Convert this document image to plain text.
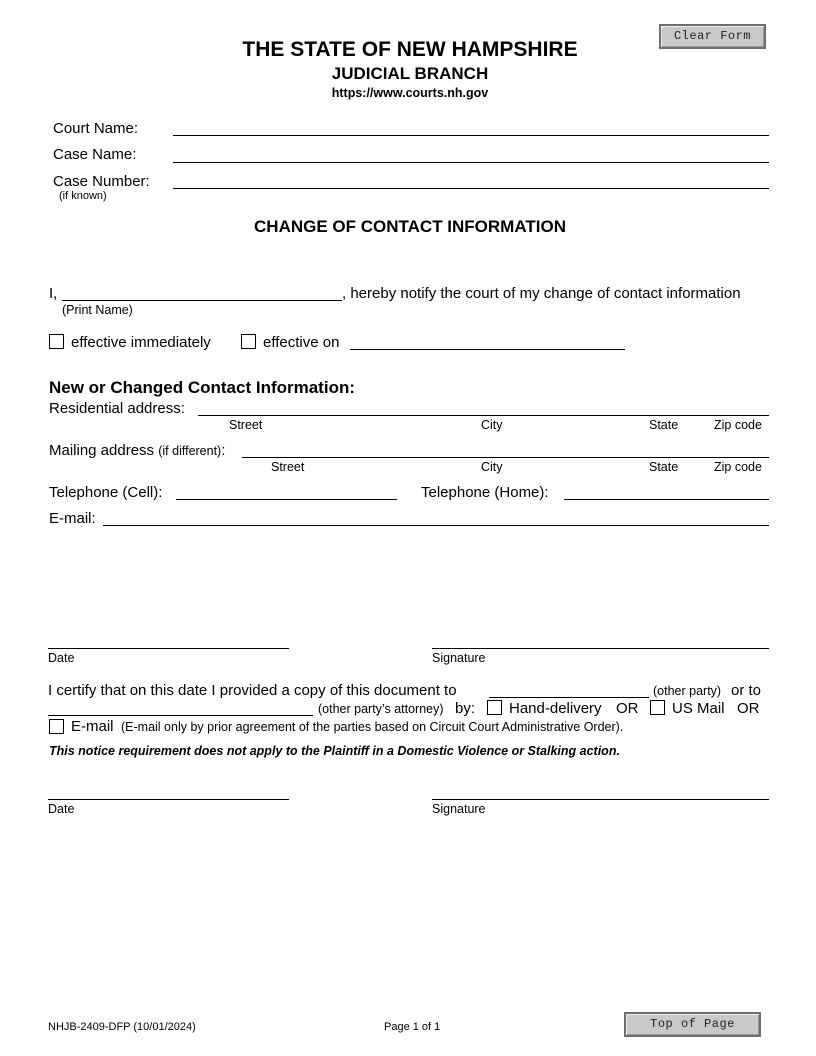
Clear Form
THE STATE OF NEW HAMPSHIRE
JUDICIAL BRANCH
https://www.courts.nh.gov
Court Name:
Case Name:
Case Number:
(if known)
CHANGE OF CONTACT INFORMATION
I,	, hereby notify the court of my change of contact information
(Print Name)
effective immediately	effective on
New or Changed Contact Information:
Residential address:
Street	City	State	Zip code
Mailing address (if different):
Street	City	State	Zip code
Telephone (Cell):	Telephone (Home):
E-mail:
Date	Signature
I certify that on this date I provided a copy of this document to	(other party) or to
(other party’s attorney) by: Hand-delivery OR US Mail OR
E-mail (E-mail only by prior agreement of the parties based on Circuit Court Administrative Order).
This notice requirement does not apply to the Plaintiff in a Domestic Violence or Stalking action.
Date	Signature
NHJB-2409-DFP (10/01/2024)	Page 1 of 1	Top of Page
